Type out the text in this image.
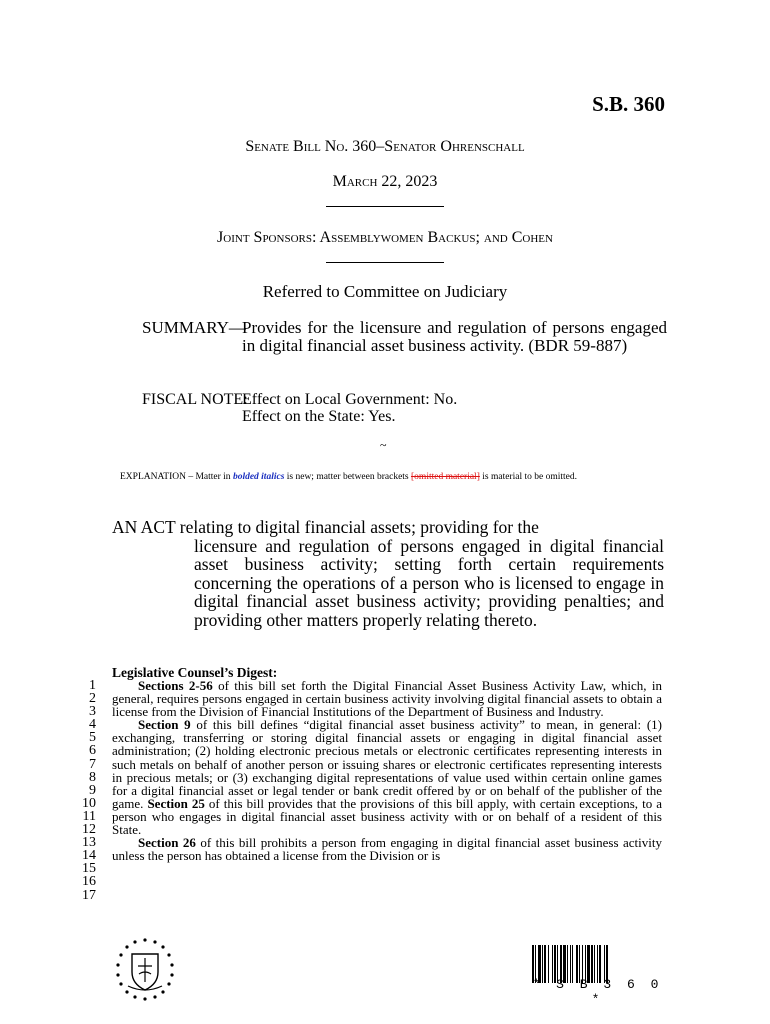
S.B. 360
Senate Bill No. 360–Senator Ohrenschall
March 22, 2023
Joint Sponsors: Assemblywomen Backus; and Cohen
Referred to Committee on Judiciary
SUMMARY—
Provides for the licensure and regulation of persons engaged in digital financial asset business activity. (BDR 59-887)
FISCAL NOTE:
Effect on Local Government: No.
Effect on the State: Yes.
~
EXPLANATION – Matter in bolded italics is new; matter between brackets [omitted material] is material to be omitted.
AN ACT relating to digital financial assets; providing for the
licensure and regulation of persons engaged in digital financial asset business activity; setting forth certain requirements concerning the operations of a person who is licensed to engage in digital financial asset business activity; providing penalties; and providing other matters properly relating thereto.
Legislative Counsel’s Digest:
1
2
3
4
5
6
7
8
9
10
11
12
13
14
15
16
17

Sections 2-56 of this bill set forth the Digital Financial Asset Business Activity Law, which, in general, requires persons engaged in certain business activity involving digital financial assets to obtain a license from the Division of Financial Institutions of the Department of Business and Industry.

Section 9 of this bill defines “digital financial asset business activity” to mean, in general: (1) exchanging, transferring or storing digital financial assets or engaging in digital financial asset administration; (2) holding electronic precious metals or electronic certificates representing interests in such metals on behalf of another person or issuing shares or electronic certificates representing interests in precious metals; or (3) exchanging digital representations of value used within certain online games for a digital financial asset or legal tender or bank credit offered by or on behalf of the publisher of the game. Section 25 of this bill provides that the provisions of this bill apply, with certain exceptions, to a person who engages in digital financial asset business activity with or on behalf of a resident of this State.

Section 26 of this bill prohibits a person from engaging in digital financial asset business activity unless the person has obtained a license from the Division or is

* S B 3 6 0 *
